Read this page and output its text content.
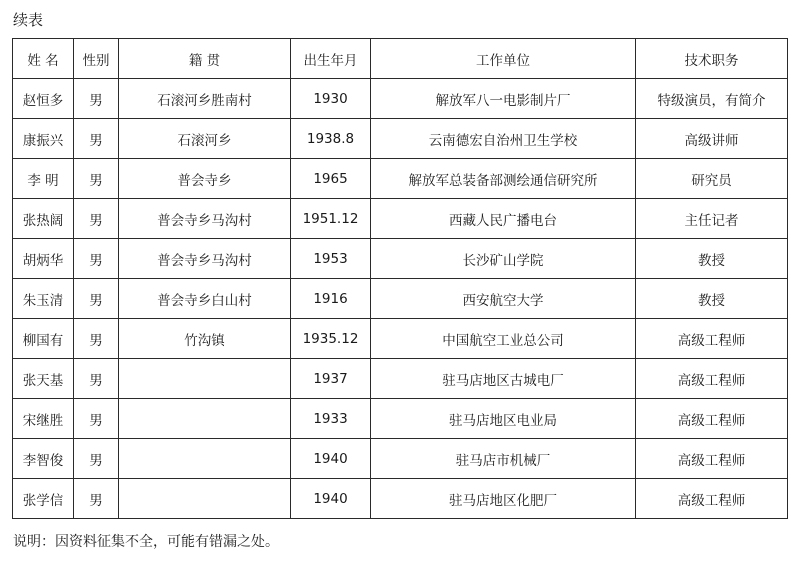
续表
姓 名	性别	籍 贯	出生年月	工作单位	技术职务
赵恒多	男	石滚河乡胜南村	1930	解放军八一电影制片厂	特级演员，有简介
康振兴	男	石滚河乡	1938.8	云南德宏自治州卫生学校	高级讲师
李 明	男	普会寺乡	1965	解放军总装备部测绘通信研究所	研究员
张热阔	男	普会寺乡马沟村	1951.12	西藏人民广播电台	主任记者
胡炳华	男	普会寺乡马沟村	1953	长沙矿山学院	教授
朱玉清	男	普会寺乡白山村	1916	西安航空大学	教授
柳国有	男	竹沟镇	1935.12	中国航空工业总公司	高级工程师
张天基	男		1937	驻马店地区古城电厂	高级工程师
宋继胜	男		1933	驻马店地区电业局	高级工程师
李智俊	男		1940	驻马店市机械厂	高级工程师
张学信	男		1940	驻马店地区化肥厂	高级工程师
说明：因资料征集不全，可能有错漏之处。
